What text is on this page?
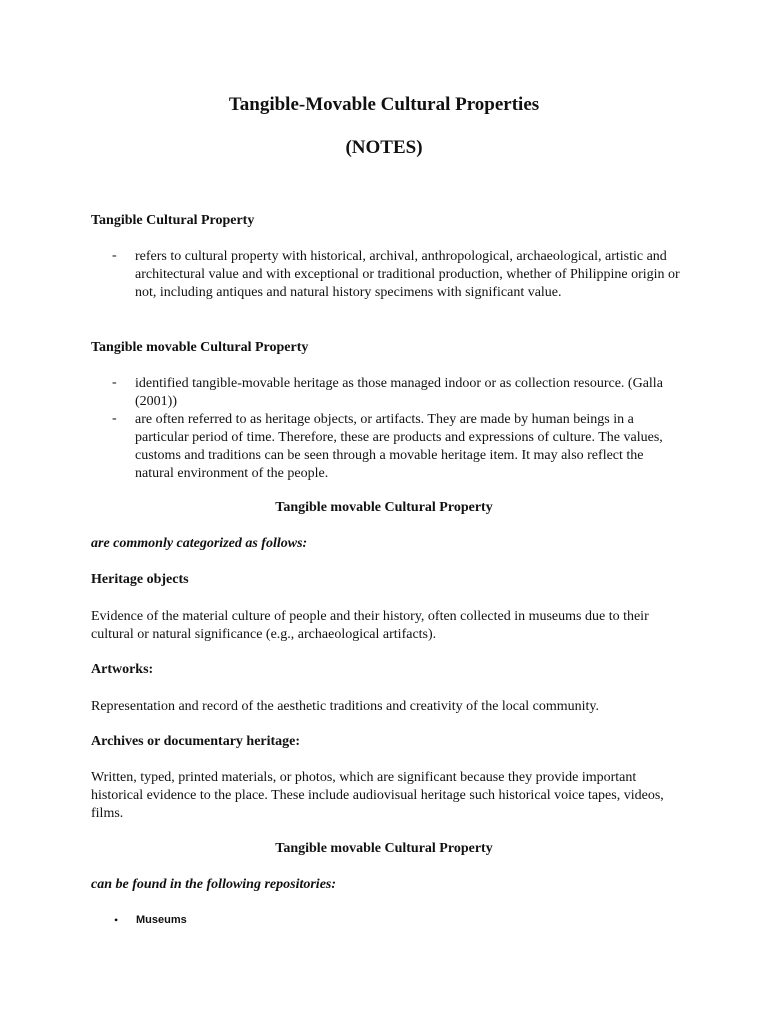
Tangible-Movable Cultural Properties
(NOTES)
Tangible Cultural Property
- refers to cultural property with historical, archival, anthropological, archaeological, artistic and architectural value and with exceptional or traditional production, whether of Philippine origin or not, including antiques and natural history specimens with significant value.
Tangible movable Cultural Property
- identified tangible-movable heritage as those managed indoor or as collection resource. (Galla (2001))
- are often referred to as heritage objects, or artifacts. They are made by human beings in a particular period of time. Therefore, these are products and expressions of culture. The values, customs and traditions can be seen through a movable heritage item. It may also reflect the natural environment of the people.
Tangible movable Cultural Property
are commonly categorized as follows:
Heritage objects
Evidence of the material culture of people and their history, often collected in museums due to their cultural or natural significance (e.g., archaeological artifacts).
Artworks:
Representation and record of the aesthetic traditions and creativity of the local community.
Archives or documentary heritage:
Written, typed, printed materials, or photos, which are significant because they provide important historical evidence to the place. These include audiovisual heritage such historical voice tapes, videos, films.
Tangible movable Cultural Property
can be found in the following repositories:
• Museums
